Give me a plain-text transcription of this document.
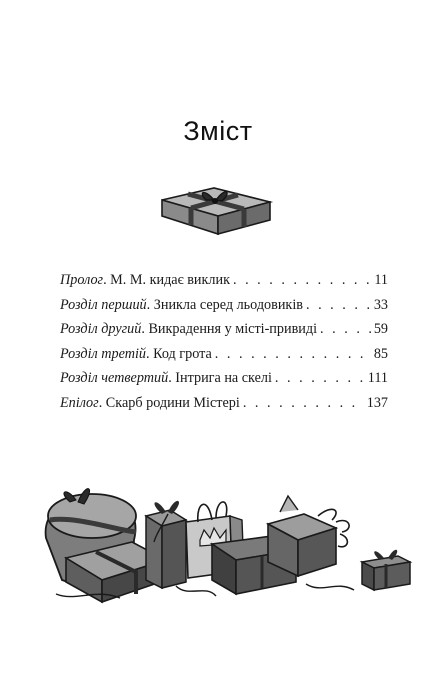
Зміст
Пролог. М. М. кидає виклик . . .	11
Розділ перший. Зникла серед льодовиків . . .	33
Розділ другий. Викрадення у місті-привиді . . .	59
Розділ третій. Код грота . . .	85
Розділ четвертий. Інтрига на скелі . . .	111
Епілог. Скарб родини Містері . . .	137
